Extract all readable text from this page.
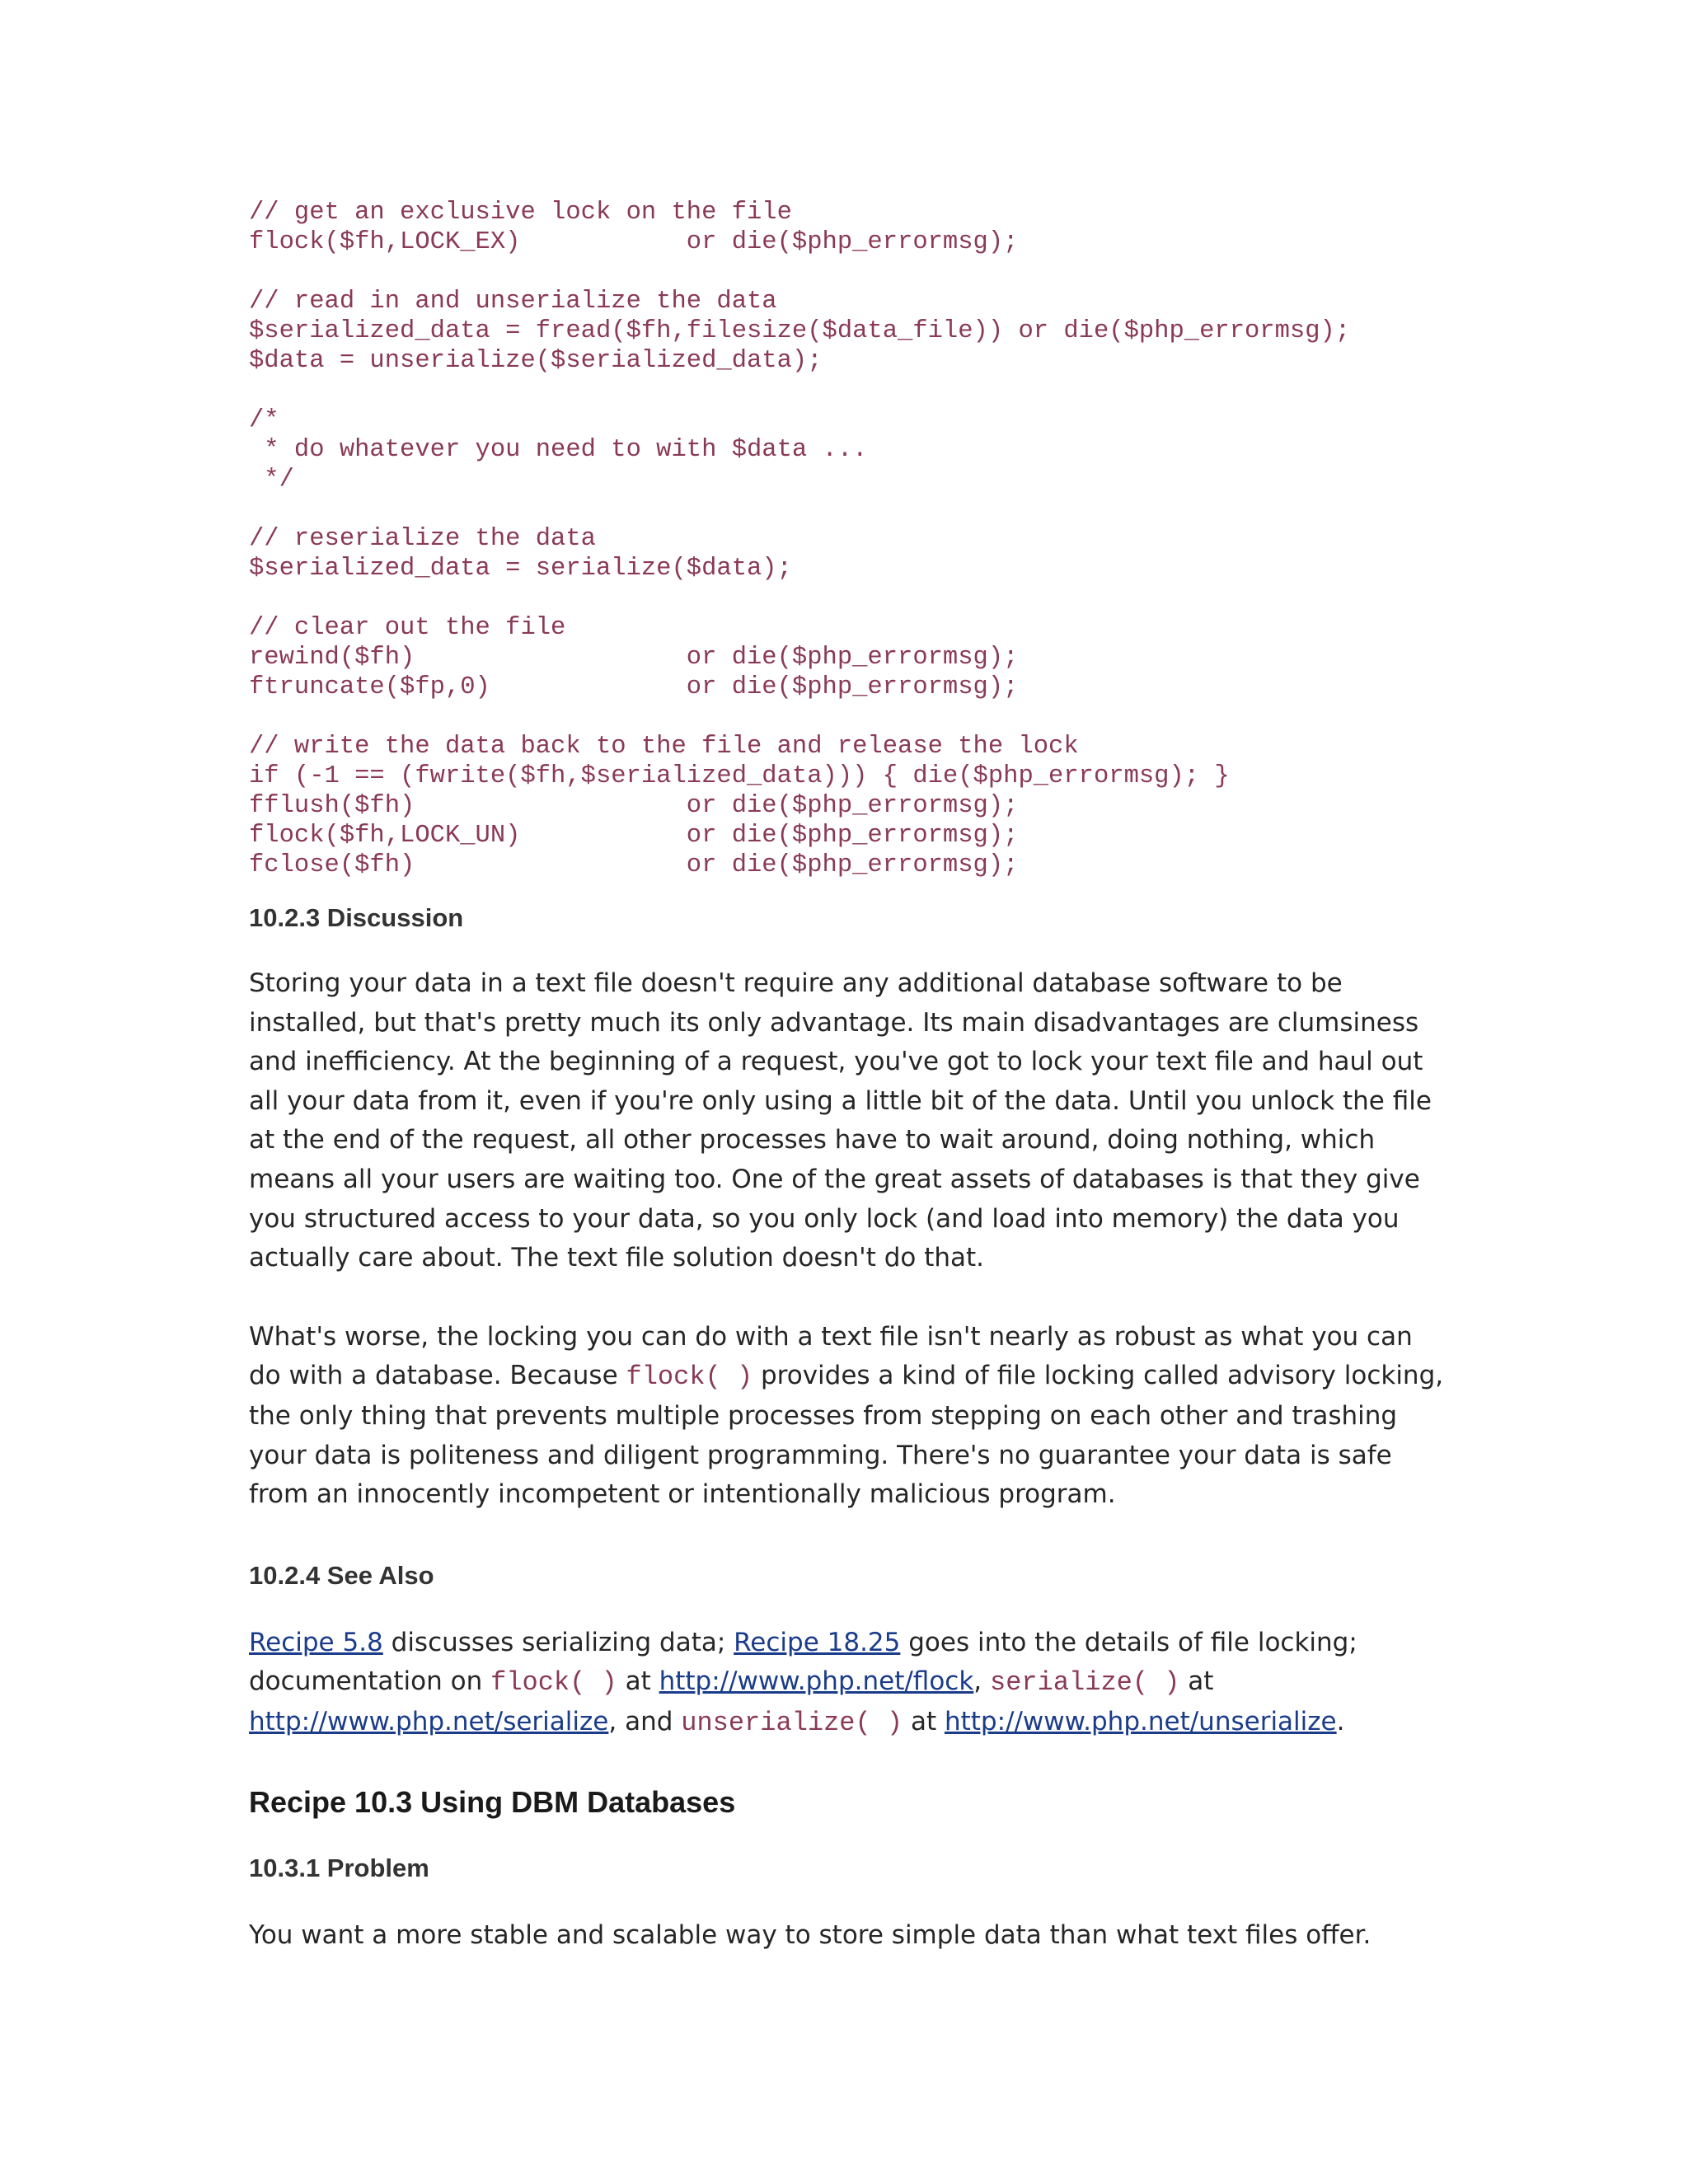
// get an exclusive lock on the file
flock($fh,LOCK_EX)           or die($php_errormsg);
// read in and unserialize the data
$serialized_data = fread($fh,filesize($data_file)) or die($php_errormsg);
$data = unserialize($serialized_data);
/*
* do whatever you need to with $data ...
*/
// reserialize the data
$serialized_data = serialize($data);
// clear out the file
rewind($fh)                  or die($php_errormsg);
ftruncate($fp,0)             or die($php_errormsg);
// write the data back to the file and release the lock
if (-1 == (fwrite($fh,$serialized_data))) { die($php_errormsg); }
fflush($fh)                  or die($php_errormsg);
flock($fh,LOCK_UN)           or die($php_errormsg);
fclose($fh)                  or die($php_errormsg);
10.2.3 Discussion

Storing your data in a text file doesn't require any additional database software to be installed, but that's pretty much its only advantage. Its main disadvantages are clumsiness and inefficiency. At the beginning of a request, you've got to lock your text file and haul out all your data from it, even if you're only using a little bit of the data. Until you unlock the file at the end of the request, all other processes have to wait around, doing nothing, which means all your users are waiting too. One of the great assets of databases is that they give you structured access to your data, so you only lock (and load into memory) the data you actually care about. The text file solution doesn't do that.

What's worse, the locking you can do with a text file isn't nearly as robust as what you can do with a database. Because flock( ) provides a kind of file locking called advisory locking, the only thing that prevents multiple processes from stepping on each other and trashing your data is politeness and diligent programming. There's no guarantee your data is safe from an innocently incompetent or intentionally malicious program.

10.2.4 See Also

Recipe 5.8 discusses serializing data; Recipe 18.25 goes into the details of file locking; documentation on flock( ) at http://www.php.net/flock, serialize( ) at http://www.php.net/serialize, and unserialize( ) at http://www.php.net/unserialize.

Recipe 10.3 Using DBM Databases
10.3.1 Problem

You want a more stable and scalable way to store simple data than what text files offer.
